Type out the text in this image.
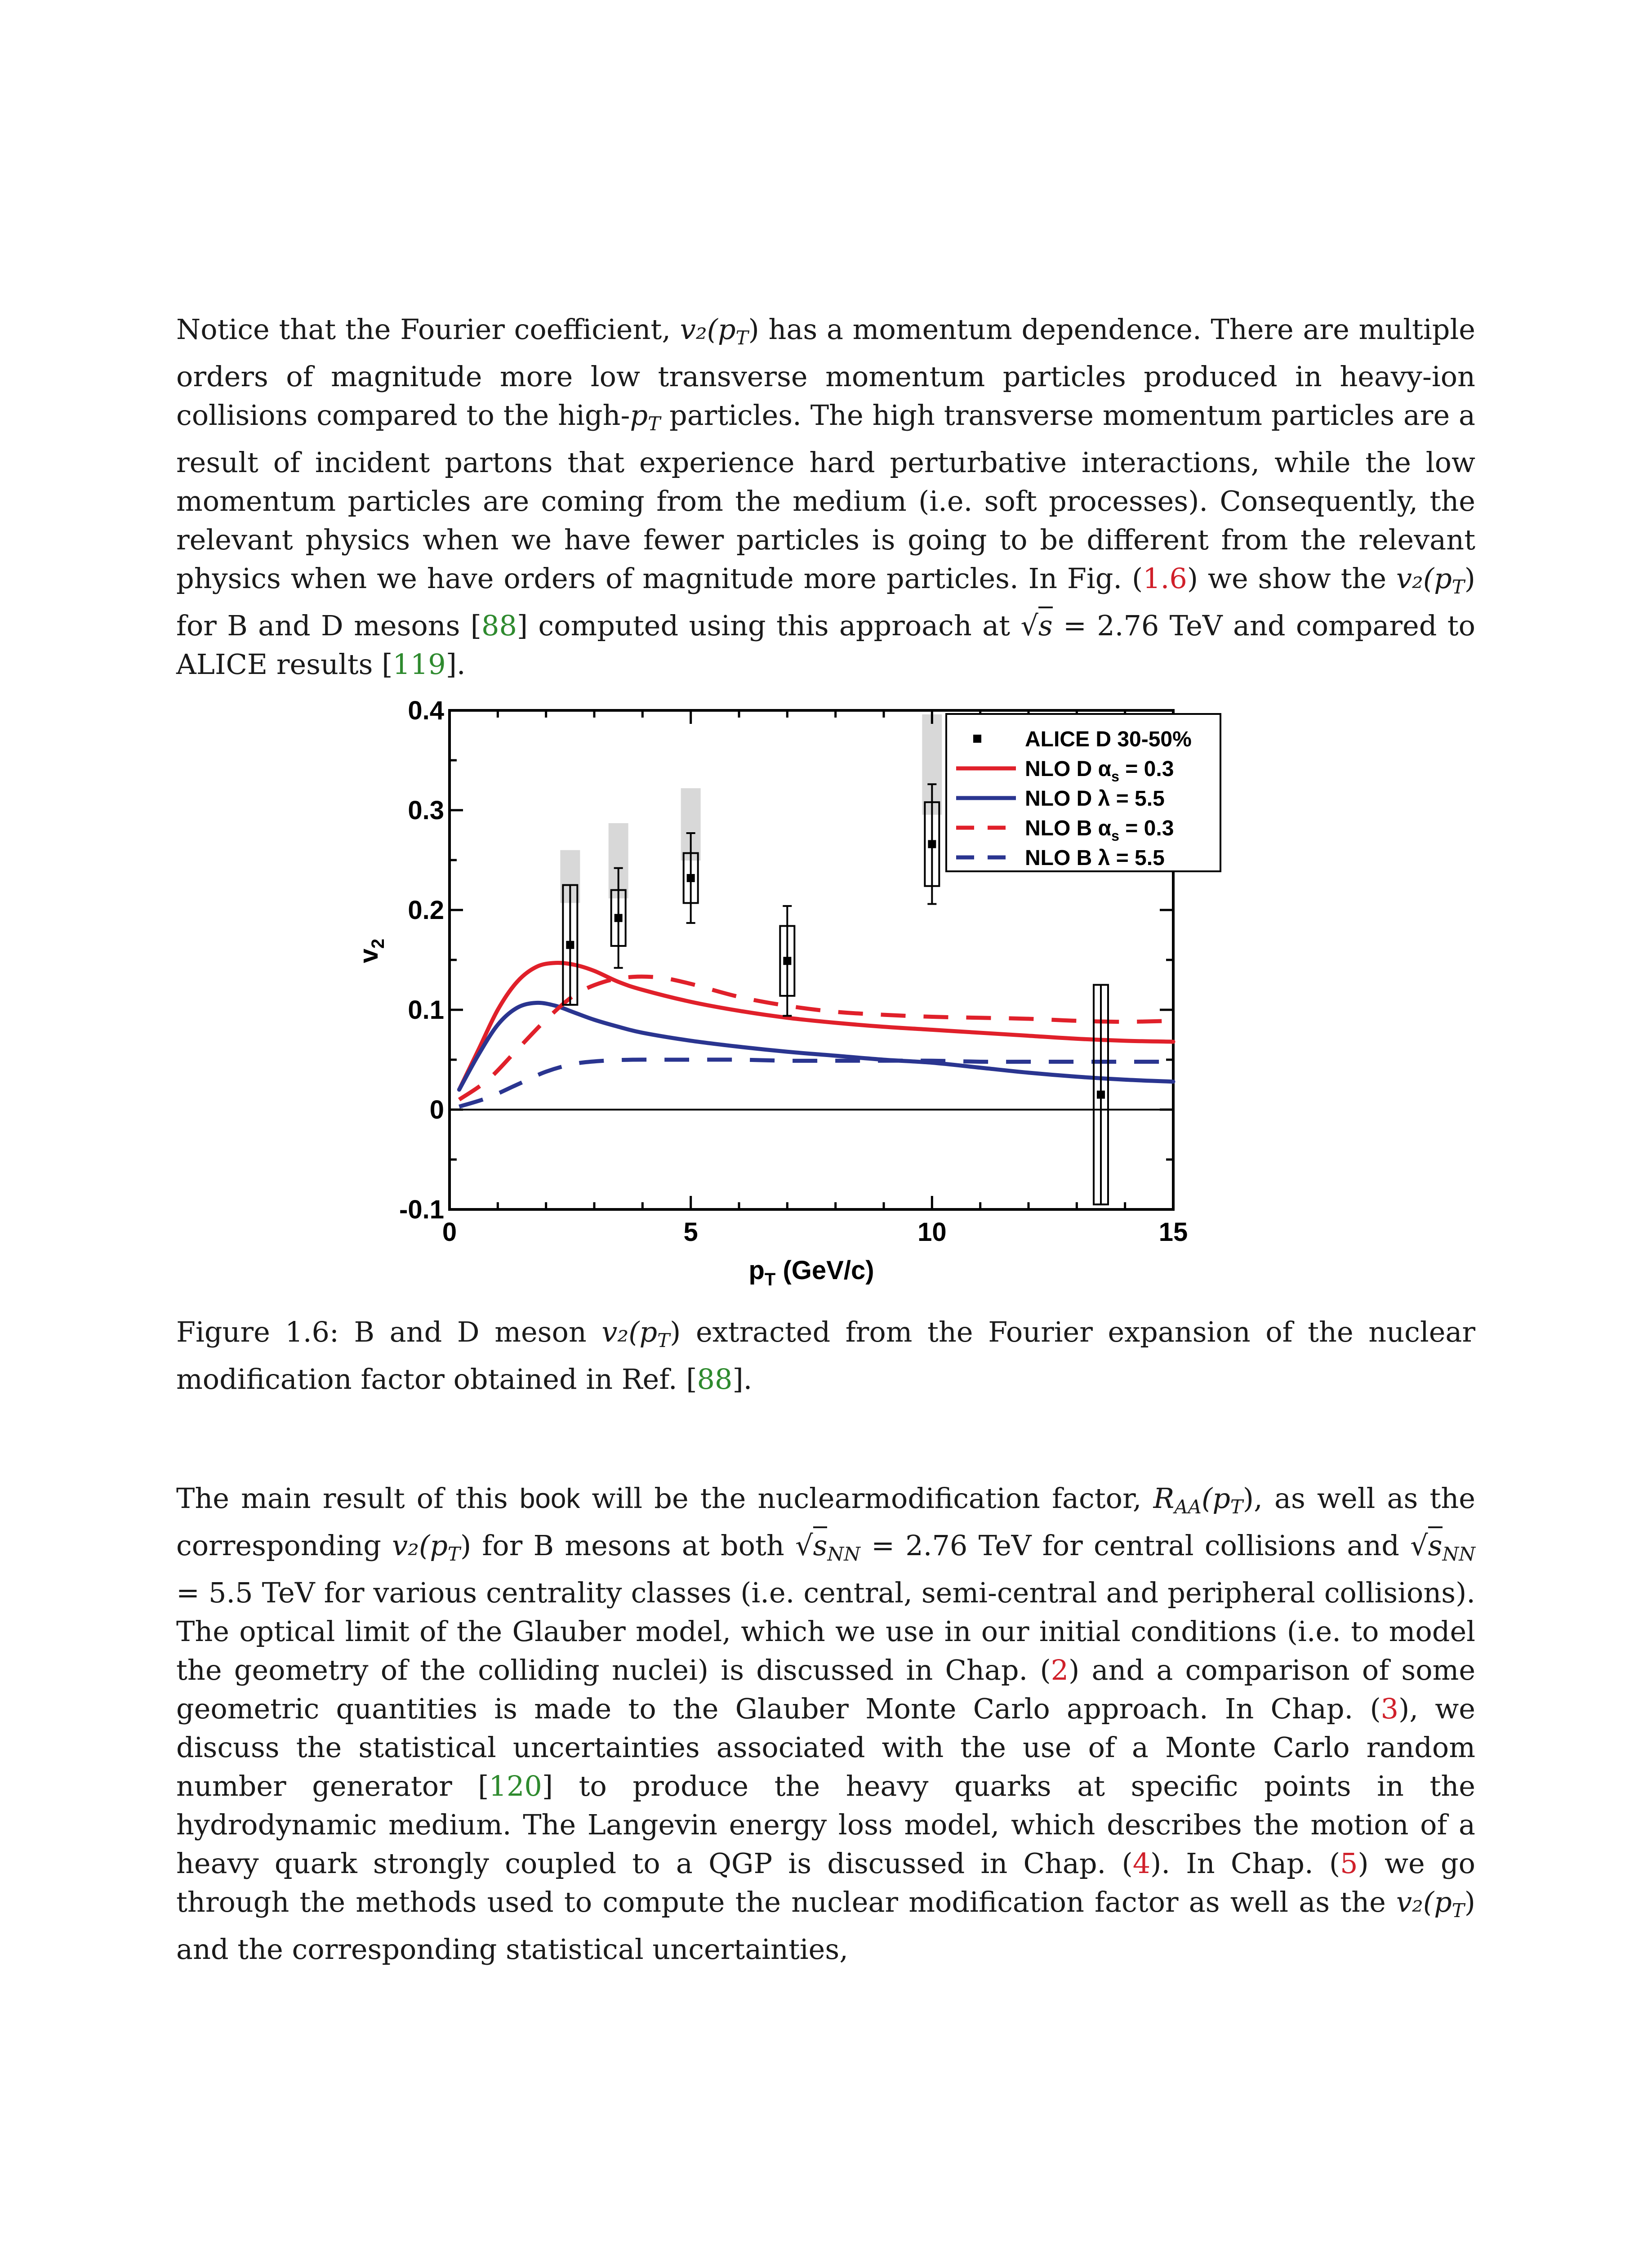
Notice that the Fourier coefficient, $v_2(p_T)$ has a momentum dependence. There are multiple orders of magnitude more low transverse momentum particles produced in heavy-ion collisions compared to the high-$p_T$ particles. The high transverse momentum particles are a result of incident partons that experience hard perturbative interactions, while the low momentum particles are coming from the medium (i.e. soft processes). Consequently, the relevant physics when we have fewer particles is going to be different from the relevant physics when we have orders of magnitude more particles. In Fig. (1.6) we show the $v_2(p_T)$ for B and D mesons [88] computed using this approach at √s = 2.76 TeV and compared to ALICE results [119].

0	5	10	15
-0.1
0
0.1
0.2
0.3
0.4
$p_T$ (GeV/c)
$v_2$
ALICE D 30-50%
NLO D $\alpha_s = 0.3$
NLO D λ = 5.5
NLO B $\alpha_s = 0.3$
NLO B λ = 5.5

Figure 1.6: B and D meson $v_2(p_T)$ extracted from the Fourier expansion of the nuclear modification factor obtained in Ref. [88].

The main result of this book will be the nuclearmodification factor, $R_{AA}(p_T)$, as well as the corresponding $v_2(p_T)$ for B mesons at both $√s_{NN} = 2.76$ TeV for central collisions and $√s_{NN} = 5.5$ TeV for various centrality classes (i.e. central, semi-central and peripheral collisions). The optical limit of the Glauber model, which we use in our initial conditions (i.e. to model the geometry of the colliding nuclei) is discussed in Chap. (2) and a comparison of some geometric quantities is made to the Glauber Monte Carlo approach. In Chap. (3), we discuss the statistical uncertainties associated with the use of a Monte Carlo random number generator [120] to produce the heavy quarks at specific points in the hydrodynamic medium. The Langevin energy loss model, which describes the motion of a heavy quark strongly coupled to a QGP is discussed in Chap. (4). In Chap. (5) we go through the methods used to compute the nuclear modification factor as well as the $v_2(p_T)$ and the corresponding statistical uncertainties,
